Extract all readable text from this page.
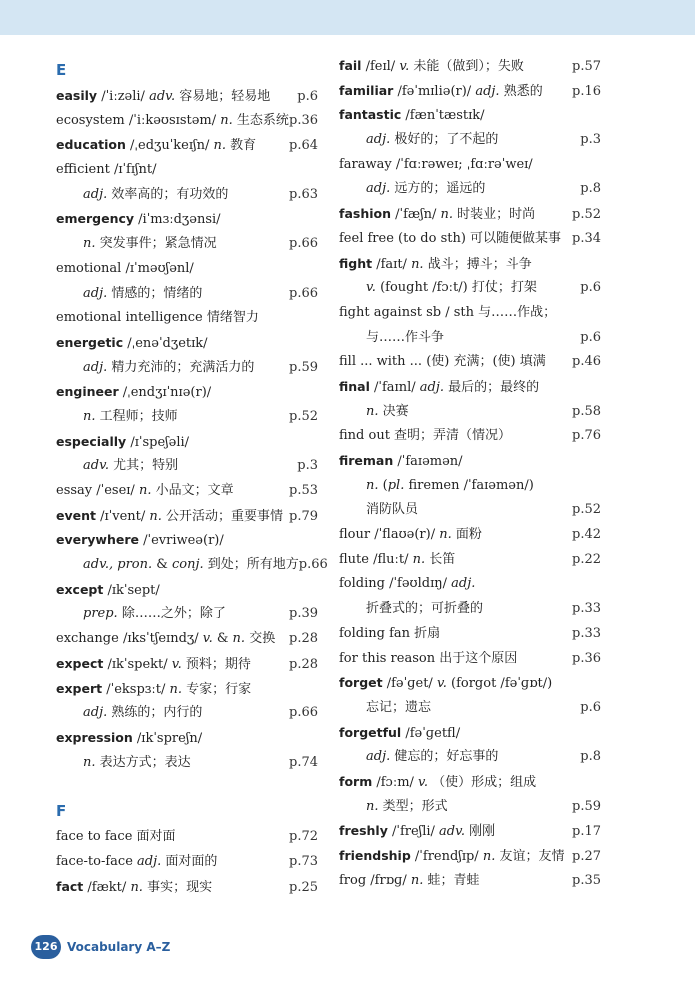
E
easily /ˈiːzəli/ adv. 容易地；轻易地 p.6
ecosystem /ˈiːkəʊsɪstəm/ n. 生态系统 p.36
education /ˌedʒuˈkeɪʃn/ n. 教育	p.64
efficient /ɪˈfɪʃnt/
adj. 效率高的；有功效的	p.63
emergency /iˈmɜːdʒənsi/
n. 突发事件；紧急情况	p.66
emotional /ɪˈməʊʃənl/
adj. 情感的；情绪的	p.66
emotional intelligence 情绪智力
energetic /ˌenəˈdʒetɪk/
adj. 精力充沛的；充满活力的	p.59
engineer /ˌendʒɪˈnɪə(r)/
n. 工程师；技师	p.52
especially /ɪˈspeʃəli/
adv. 尤其；特别	p.3
essay /ˈeseɪ/ n. 小品文；文章	p.53
event /ɪˈvent/ n. 公开活动；重要事情 p.79
everywhere /ˈevriweə(r)/
adv., pron. & conj. 到处；所有地方 p.66
except /ɪkˈsept/
prep. 除……之外；除了	p.39
exchange /ɪksˈtʃeɪndʒ/ v. & n. 交换 p.28
expect /ɪkˈspekt/ v. 预料；期待	p.28
expert /ˈekspɜːt/ n. 专家；行家
adj. 熟练的；内行的	p.66
expression /ɪkˈspreʃn/
n. 表达方式；表达	p.74
F
face to face 面对面	p.72
face-to-face adj. 面对面的	p.73
fact /fækt/ n. 事实；现实	p.25
fail /feɪl/ v. 未能（做到）；失败	p.57
familiar /fəˈmɪliə(r)/ adj. 熟悉的 p.16
fantastic /fænˈtæstɪk/
adj. 极好的；了不起的	p.3
faraway /ˈfɑːrəweɪ; ˌfɑːrəˈweɪ/
adj. 远方的；遥远的	p.8
fashion /ˈfæʃn/ n. 时装业；时尚	p.52
feel free (to do sth) 可以随便做某事 p.34
fight /faɪt/ n. 战斗；搏斗；斗争
v. (fought /fɔːt/) 打仗；打架	p.6
fight against sb / sth 与……作战；
与……作斗争	p.6
fill ... with ... (使) 充满；(使) 填满 p.46
final /ˈfaɪnl/ adj. 最后的；最终的
n. 决赛	p.58
find out 查明；弄清（情况）	p.76
fireman /ˈfaɪəmən/
n. (pl. firemen /ˈfaɪəmən/)
消防队员	p.52
flour /ˈflaʊə(r)/ n. 面粉	p.42
flute /fluːt/ n. 长笛	p.22
folding /ˈfəʊldɪŋ/ adj.
折叠式的；可折叠的	p.33
folding fan 折扇	p.33
for this reason 出于这个原因	p.36
forget /fəˈɡet/ v. (forgot /fəˈɡɒt/)
忘记；遗忘	p.6
forgetful /fəˈɡetfl/
adj. 健忘的；好忘事的	p.8
form /fɔːm/ v. （使）形成；组成
n. 类型；形式	p.59
freshly /ˈfreʃli/ adv. 刚刚	p.17
friendship /ˈfrendʃɪp/ n. 友谊；友情 p.27
frog /frɒɡ/ n. 蛙；青蛙	p.35
126 Vocabulary A–Z
